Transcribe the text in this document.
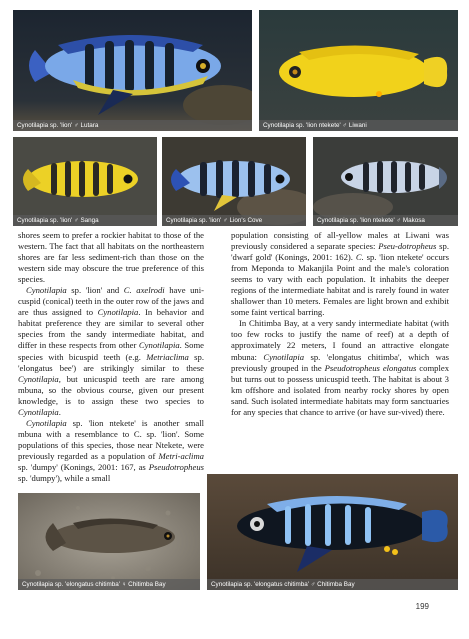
Cynotilapia sp. 'lion' ♂ Lutara	Cynotilapia sp. 'lion ntekete' ♂ Liwani
Cynotilapia sp. 'lion' ♂ Sanga	Cynotilapia sp. 'lion' ♂ Lion's Cove	Cynotilapia sp. 'lion ntekete' ♂ Makosa

shores seem to prefer a rockier habitat to those of the western. The fact that all habitats on the northeastern shores are far less sediment-rich than those on the western side may obscure the true preference of this species.

Cynotilapia sp. 'lion' and C. axelrodi have uni-cuspid (conical) teeth in the outer row of the jaws and are thus assigned to Cynotilapia. In behavior and habitat preference they are similar to several other species from the sandy intermediate habitat, and differ in these respects from other Cynotilapia. Some species with bicuspid teeth (e.g. Metriaclima sp. 'elongatus bee') are strikingly similar to these Cynotilapia, but unicuspid teeth are rare among mbuna, so the obvious course, given our present knowledge, is to assign these two species to Cynotilapia.

Cynotilapia sp. 'lion ntekete' is another small mbuna with a resemblance to C. sp. 'lion'. Some populations of this species, those near Ntekete, were previously regarded as a population of Metri-aclima sp. 'dumpy' (Konings, 2001: 167, as Pseudotropheus sp. 'dumpy'), while a small

population consisting of all-yellow males at Liwani was previously considered a separate species: Pseu-dotropheus sp. 'dwarf gold' (Konings, 2001: 162). C. sp. 'lion ntekete' occurs from Meponda to Makanjila Point and the male's coloration seems to vary with each population. It inhabits the deeper regions of the intermediate habitat and is rarely found in water shallower than 10 meters. Females are light brown and exhibit some faint vertical barring.

In Chitimba Bay, at a very sandy intermediate habitat (with too few rocks to justify the name of reef) at a depth of approximately 22 meters, I found an attractive elongate mbuna: Cynotilapia sp. 'elongatus chitimba', which was previously grouped in the Pseudotropheus elongatus complex but turns out to possess unicuspid teeth. The habitat is about 3 km offshore and isolated from nearby rocky shores by open sand. Such isolated intermediate habitats may form sanctuaries for any species that chance to arrive (or have sur-vived) there.

Cynotilapia sp. 'elongatus chitimba' ♀ Chitimba Bay	Cynotilapia sp. 'elongatus chitimba' ♂ Chitimba Bay
199
